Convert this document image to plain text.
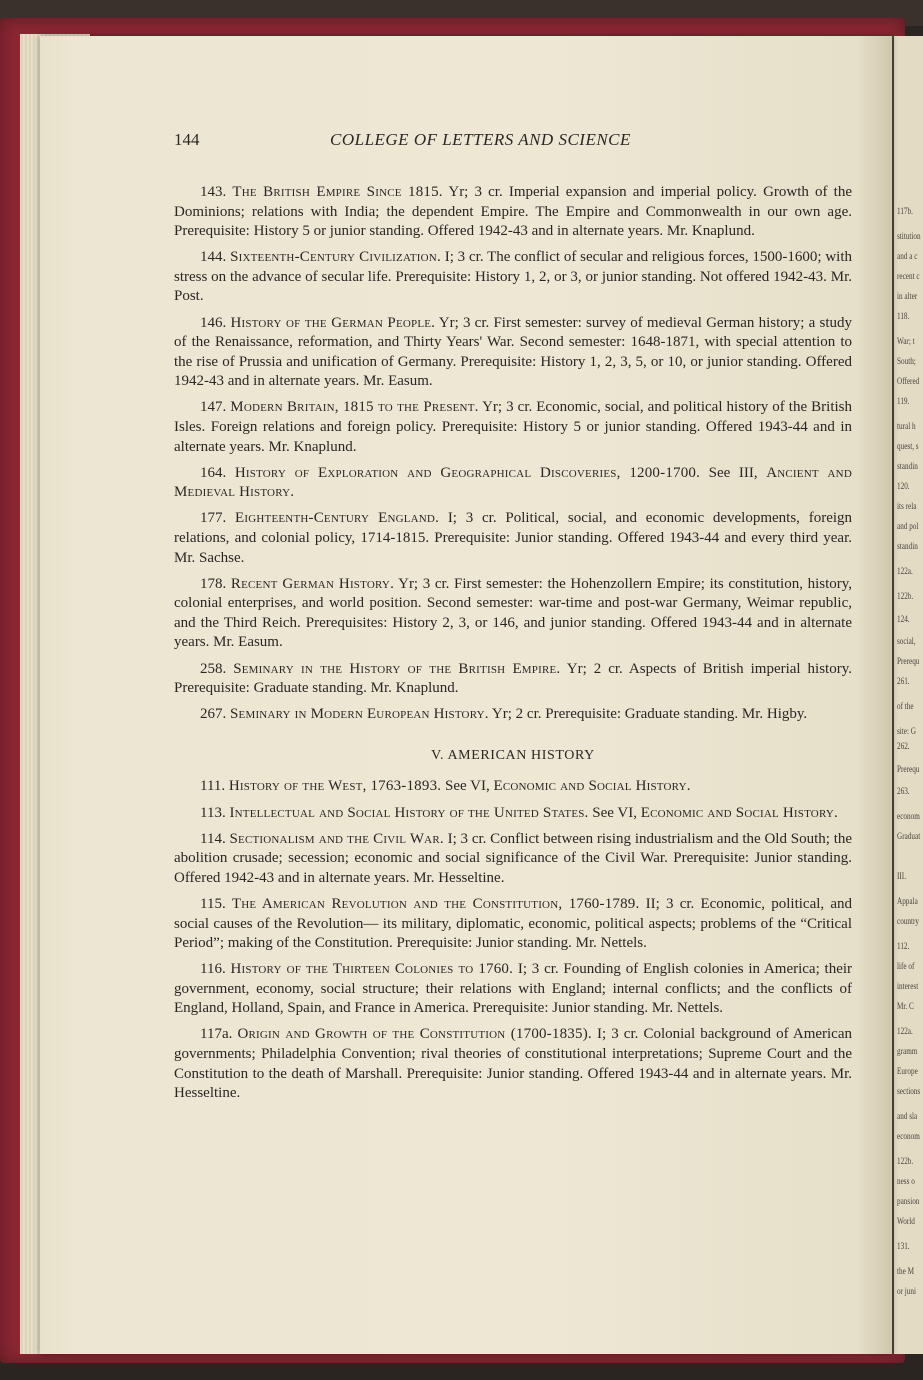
117b.
stitution
and a c
recent c
in alter
118.
War; t
South;
Offered
119.
tural h
quest, s
standin
120.
its rela
and pol
standin
122a.
122b.
124.
social,
Prerequ
261.
of the
site: G
262.
Prerequ
263.
econom
Graduat
III.
Appala
country
112.
life of
interest
Mr. C
122a.
gramm
Europe
sections
and sla
econom
122b.
ness o
pansion
World
131.
the M
or juni
144	COLLEGE OF LETTERS AND SCIENCE

143. The British Empire Since 1815. Yr; 3 cr. Imperial expansion and imperial policy. Growth of the Dominions; relations with India; the dependent Empire. The Empire and Commonwealth in our own age. Prerequisite: History 5 or junior standing. Offered 1942-43 and in alternate years. Mr. Knaplund.

144. Sixteenth-Century Civilization. I; 3 cr. The conflict of secular and religious forces, 1500-1600; with stress on the advance of secular life. Prerequisite: History 1, 2, or 3, or junior standing. Not offered 1942-43. Mr. Post.

146. History of the German People. Yr; 3 cr. First semester: survey of medieval German history; a study of the Renaissance, reformation, and Thirty Years' War. Second semester: 1648-1871, with special attention to the rise of Prussia and unification of Germany. Prerequisite: History 1, 2, 3, 5, or 10, or junior standing. Offered 1942-43 and in alternate years. Mr. Easum.

147. Modern Britain, 1815 to the Present. Yr; 3 cr. Economic, social, and political history of the British Isles. Foreign relations and foreign policy. Prerequisite: History 5 or junior standing. Offered 1943-44 and in alternate years. Mr. Knaplund.

164. History of Exploration and Geographical Discoveries, 1200-1700. See III, Ancient and Medieval History.

177. Eighteenth-Century England. I; 3 cr. Political, social, and economic developments, foreign relations, and colonial policy, 1714-1815. Prerequisite: Junior standing. Offered 1943-44 and every third year. Mr. Sachse.

178. Recent German History. Yr; 3 cr. First semester: the Hohenzollern Empire; its constitution, history, colonial enterprises, and world position. Second semester: war-time and post-war Germany, Weimar republic, and the Third Reich. Prerequisites: History 2, 3, or 146, and junior standing. Offered 1943-44 and in alternate years. Mr. Easum.

258. Seminary in the History of the British Empire. Yr; 2 cr. Aspects of British imperial history. Prerequisite: Graduate standing. Mr. Knaplund.

267. Seminary in Modern European History. Yr; 2 cr. Prerequisite: Graduate standing. Mr. Higby.

V. AMERICAN HISTORY

111. History of the West, 1763-1893. See VI, Economic and Social History.

113. Intellectual and Social History of the United States. See VI, Economic and Social History.

114. Sectionalism and the Civil War. I; 3 cr. Conflict between rising industrialism and the Old South; the abolition crusade; secession; economic and social significance of the Civil War. Prerequisite: Junior standing. Offered 1942-43 and in alternate years. Mr. Hesseltine.

115. The American Revolution and the Constitution, 1760-1789. II; 3 cr. Economic, political, and social causes of the Revolution— its military, diplomatic, economic, political aspects; problems of the “Critical Period”; making of the Constitution. Prerequisite: Junior standing. Mr. Nettels.

116. History of the Thirteen Colonies to 1760. I; 3 cr. Founding of English colonies in America; their government, economy, social structure; their relations with England; internal conflicts; and the conflicts of England, Holland, Spain, and France in America. Prerequisite: Junior standing. Mr. Nettels.

117a. Origin and Growth of the Constitution (1700-1835). I; 3 cr. Colonial background of American governments; Philadelphia Convention; rival theories of constitutional interpretations; Supreme Court and the Constitution to the death of Marshall. Prerequisite: Junior standing. Offered 1943-44 and in alternate years. Mr. Hesseltine.
